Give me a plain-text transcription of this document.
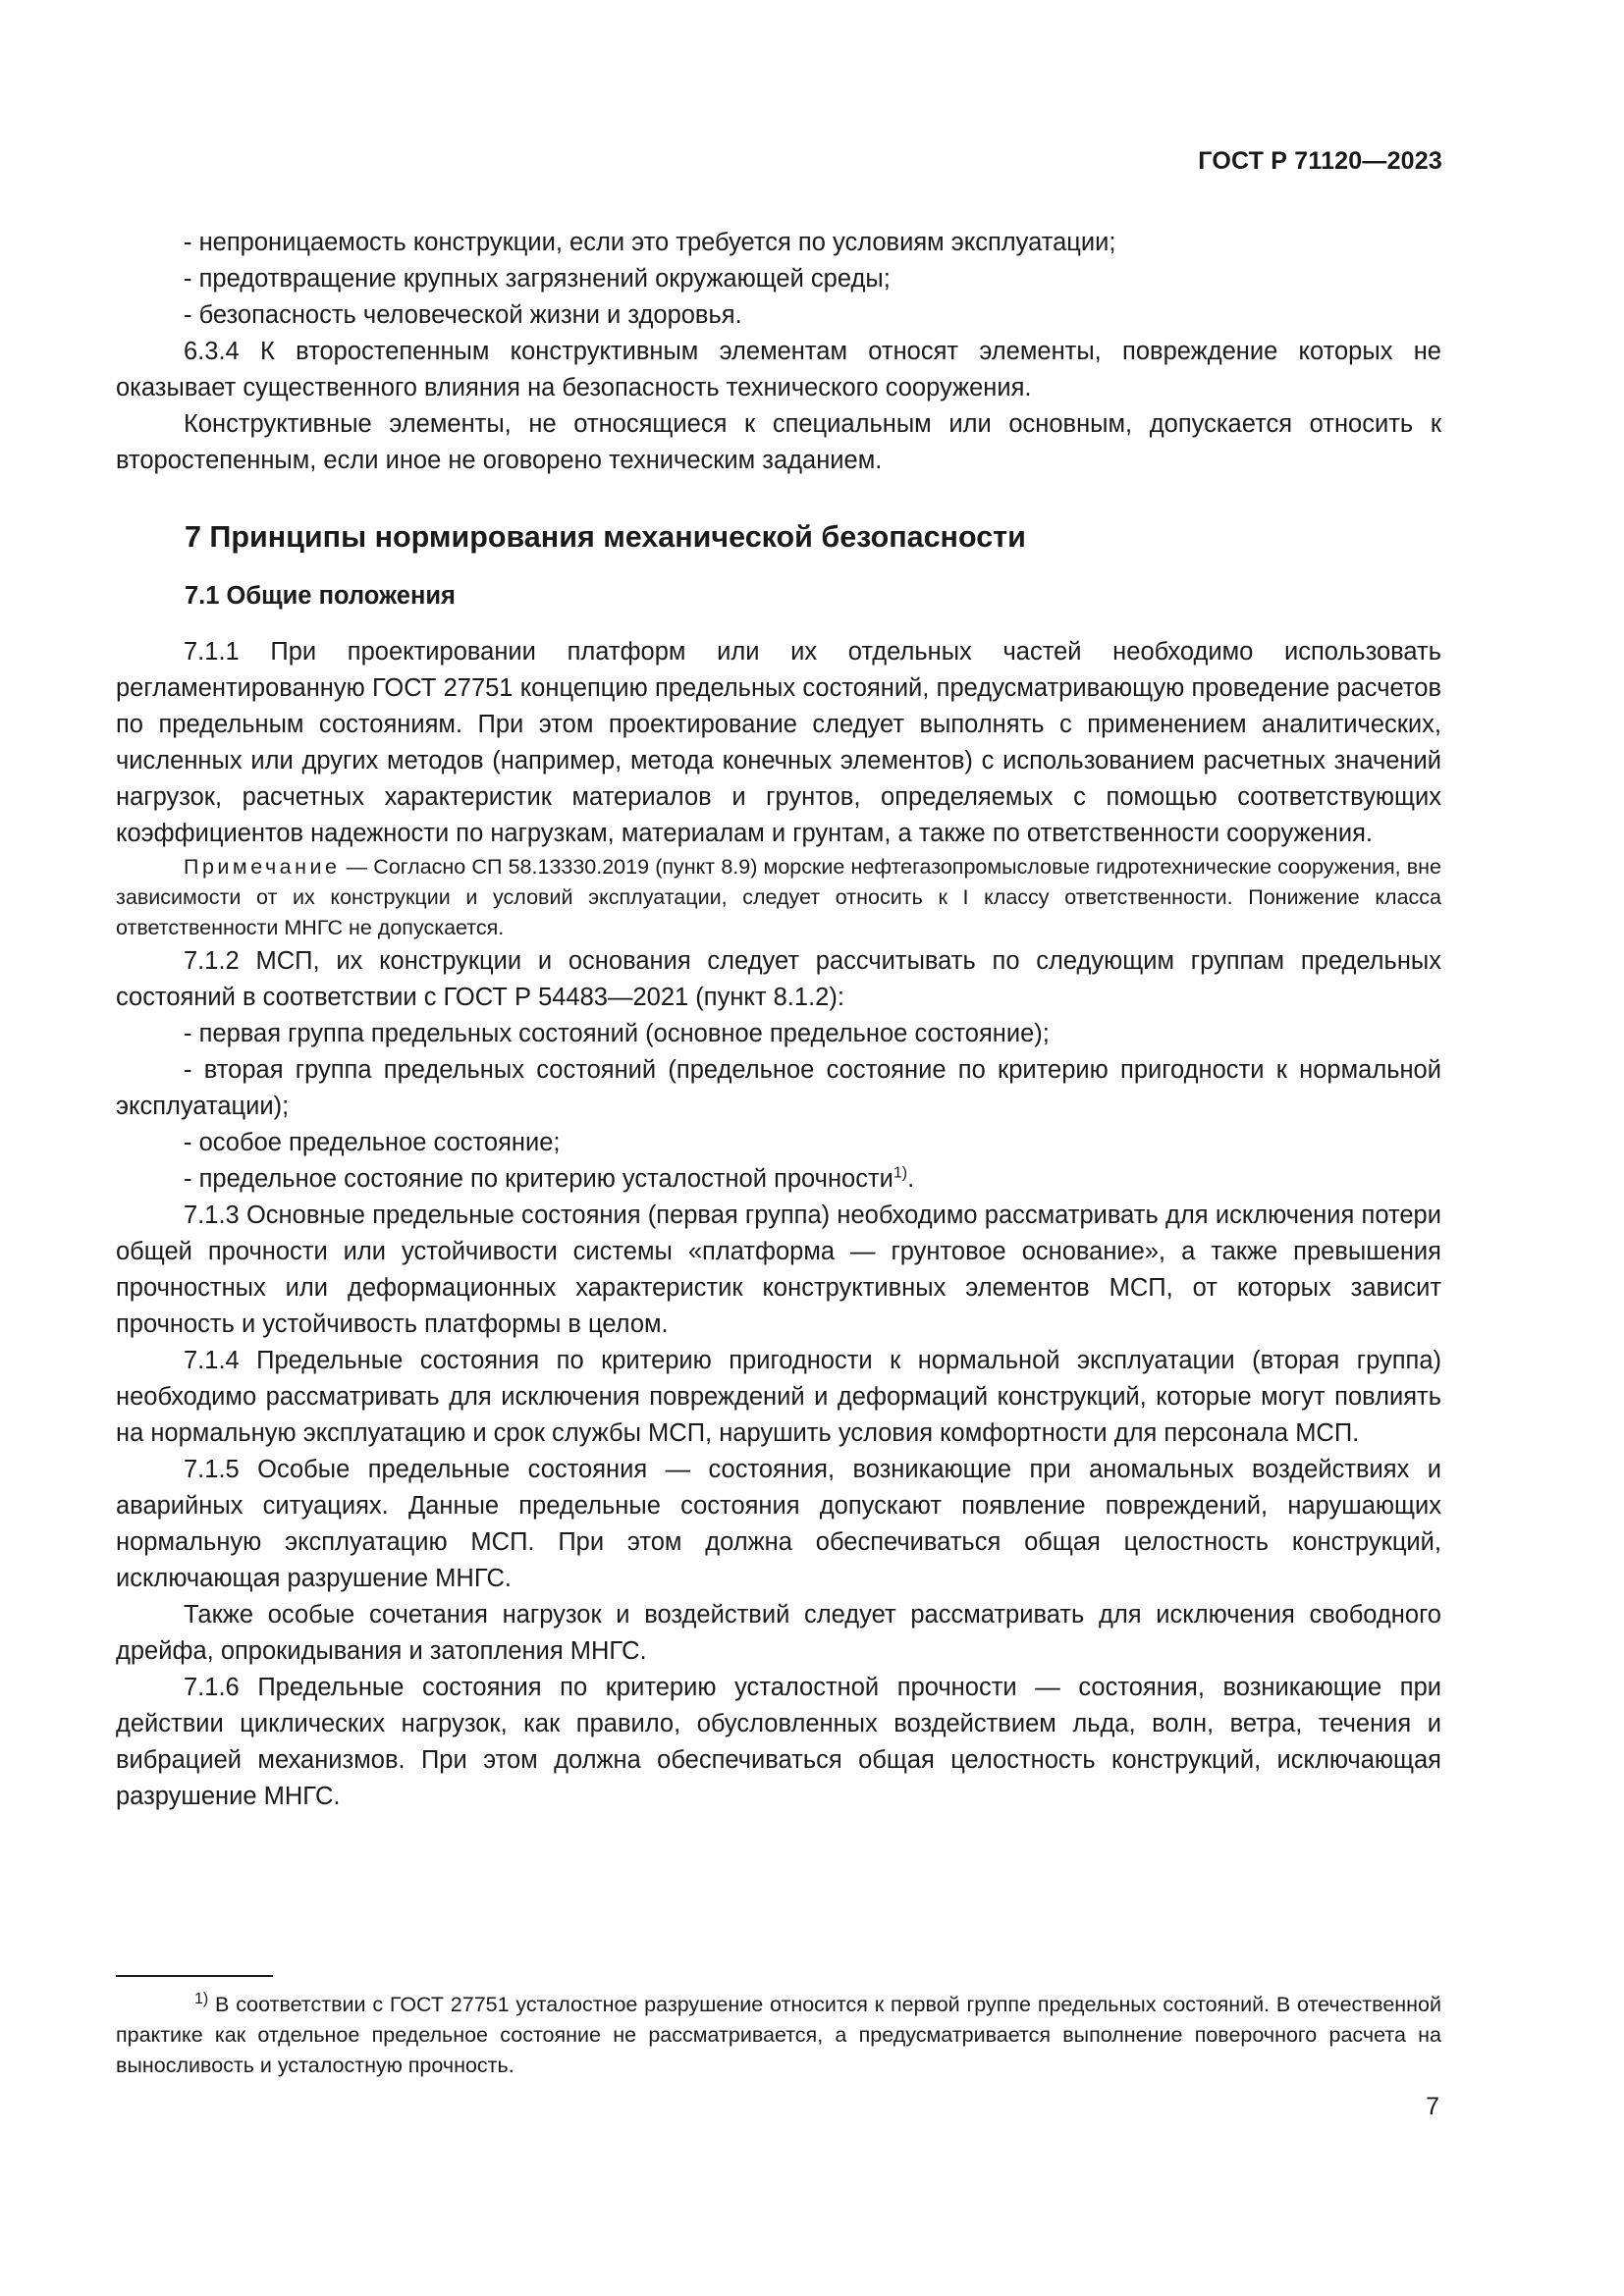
ГОСТ Р 71120—2023

- непроницаемость конструкции, если это требуется по условиям эксплуатации;

- предотвращение крупных загрязнений окружающей среды;

- безопасность человеческой жизни и здоровья.

6.3.4 К второстепенным конструктивным элементам относят элементы, повреждение которых не оказывает существенного влияния на безопасность технического сооружения.

Конструктивные элементы, не относящиеся к специальным или основным, допускается относить к второстепенным, если иное не оговорено техническим заданием.

7 Принципы нормирования механической безопасности
7.1 Общие положения

7.1.1 При проектировании платформ или их отдельных частей необходимо использовать регламентированную ГОСТ 27751 концепцию предельных состояний, предусматривающую проведение расчетов по предельным состояниям. При этом проектирование следует выполнять с применением аналитических, численных или других методов (например, метода конечных элементов) с использованием расчетных значений нагрузок, расчетных характеристик материалов и грунтов, определяемых с помощью соответствующих коэффициентов надежности по нагрузкам, материалам и грунтам, а также по ответственности сооружения.

Примечание — Согласно СП 58.13330.2019 (пункт 8.9) морские нефтегазопромысловые гидротехнические сооружения, вне зависимости от их конструкции и условий эксплуатации, следует относить к I классу ответственности. Понижение класса ответственности МНГС не допускается.

7.1.2 МСП, их конструкции и основания следует рассчитывать по следующим группам предельных состояний в соответствии с ГОСТ Р 54483—2021 (пункт 8.1.2):

- первая группа предельных состояний (основное предельное состояние);

- вторая группа предельных состояний (предельное состояние по критерию пригодности к нормальной эксплуатации);

- особое предельное состояние;

- предельное состояние по критерию усталостной прочности$^{1)}$.

7.1.3 Основные предельные состояния (первая группа) необходимо рассматривать для исключения потери общей прочности или устойчивости системы «платформа — грунтовое основание», а также превышения прочностных или деформационных характеристик конструктивных элементов МСП, от которых зависит прочность и устойчивость платформы в целом.

7.1.4 Предельные состояния по критерию пригодности к нормальной эксплуатации (вторая группа) необходимо рассматривать для исключения повреждений и деформаций конструкций, которые могут повлиять на нормальную эксплуатацию и срок службы МСП, нарушить условия комфортности для персонала МСП.

7.1.5 Особые предельные состояния — состояния, возникающие при аномальных воздействиях и аварийных ситуациях. Данные предельные состояния допускают появление повреждений, нарушающих нормальную эксплуатацию МСП. При этом должна обеспечиваться общая целостность конструкций, исключающая разрушение МНГС.

Также особые сочетания нагрузок и воздействий следует рассматривать для исключения свободного дрейфа, опрокидывания и затопления МНГС.

7.1.6 Предельные состояния по критерию усталостной прочности — состояния, возникающие при действии циклических нагрузок, как правило, обусловленных воздействием льда, волн, ветра, течения и вибрацией механизмов. При этом должна обеспечиваться общая целостность конструкций, исключающая разрушение МНГС.

$^{1)}$ В соответствии с ГОСТ 27751 усталостное разрушение относится к первой группе предельных состояний. В отечественной практике как отдельное предельное состояние не рассматривается, а предусматривается выполнение поверочного расчета на выносливость и усталостную прочность.

7
